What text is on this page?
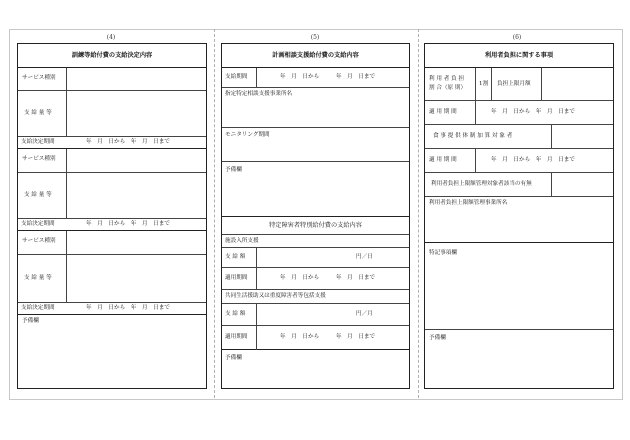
(4)	(5)	(6)
訓練等給付費の支給決定内容
サービス種別
支 給 量 等
支給決定期間	年　月　日から　年　月　日まで
サービス種別
支 給 量 等
支給決定期間	年　月　日から　年　月　日まで
サービス種別
支 給 量 等
支給決定期間	年　月　日から　年　月　日まで
予備欄
計画相談支援給付費の支給内容
支給期間	年　月　日から　　　年　月　日まで
指定特定相談支援事業所名
モニタリング期間
予備欄
特定障害者特別給付費の支給内容
施設入所支援
支 給 額	円／日
適用期間	年　月　日から　　　年　月　日まで
共同生活援助又は重度障害者等包括支援
支 給 額	円／月
適用期間	年　月　日から　　　年　月　日まで
予備欄
利用者負担に関する事項
利 用 者 負 担
割 合（原 則）
1割 負担上限月額
適 用 期 間	年　月　日から　年　月　日まで
食 事 提 供 体 制 加 算 対 象 者
適 用 期 間	年　月　日から　年　月　日まで
利用者負担上限額管理対象者該当の有無
利用者負担上限額管理事業所名
特記事項欄
予備欄
